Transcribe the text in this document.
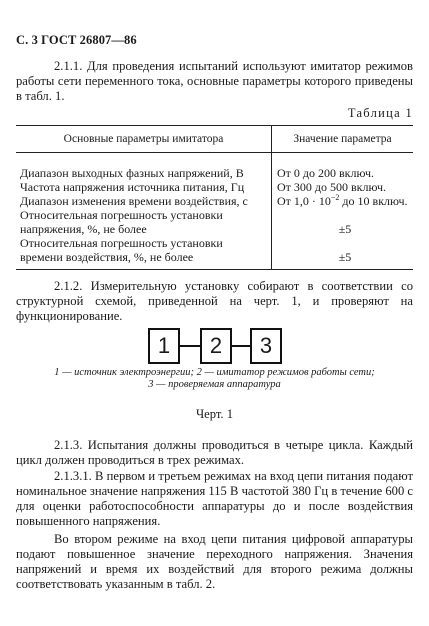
С. 3 ГОСТ 26807—86
2.1.1. Для проведения испытаний используют имитатор режимов работы сети переменного тока, основные параметры которого приведены в табл. 1.
Таблица 1
Основные параметры имитатора	Значение параметра

Диапазон выходных фазных напряжений, В	От 0 до 200 включ.
Частота напряжения источника питания, Гц	От 300 до 500 включ.
Диапазон изменения времени воздействия, с	От $1,0 \cdot 10^{-2}$ до 10 включ.
Относительная погрешность установки напряжения, %, не более	±5
Относительная погрешность установки времени воздействия, %, не более	±5
2.1.2. Измерительную установку собирают в соответствии со структурной схемой, приведенной на черт. 1, и проверяют на функционирование.
1	2	3
1 — источник электроэнергии; 2 — имитатор режимов работы сети;
3 — проверяемая аппаратура
Черт. 1
2.1.3. Испытания должны проводиться в четыре цикла. Каждый цикл должен проводиться в трех режимах.
2.1.3.1. В первом и третьем режимах на вход цепи питания подают номинальное значение напряжения 115 В частотой 380 Гц в течение 600 с для оценки работоспособности аппаратуры до и после воздействия повышенного напряжения.
Во втором режиме на вход цепи питания цифровой аппаратуры подают повышенное значение переходного напряжения. Значения напряжений и время их воздействий для второго режима должны соответствовать указанным в табл. 2.
